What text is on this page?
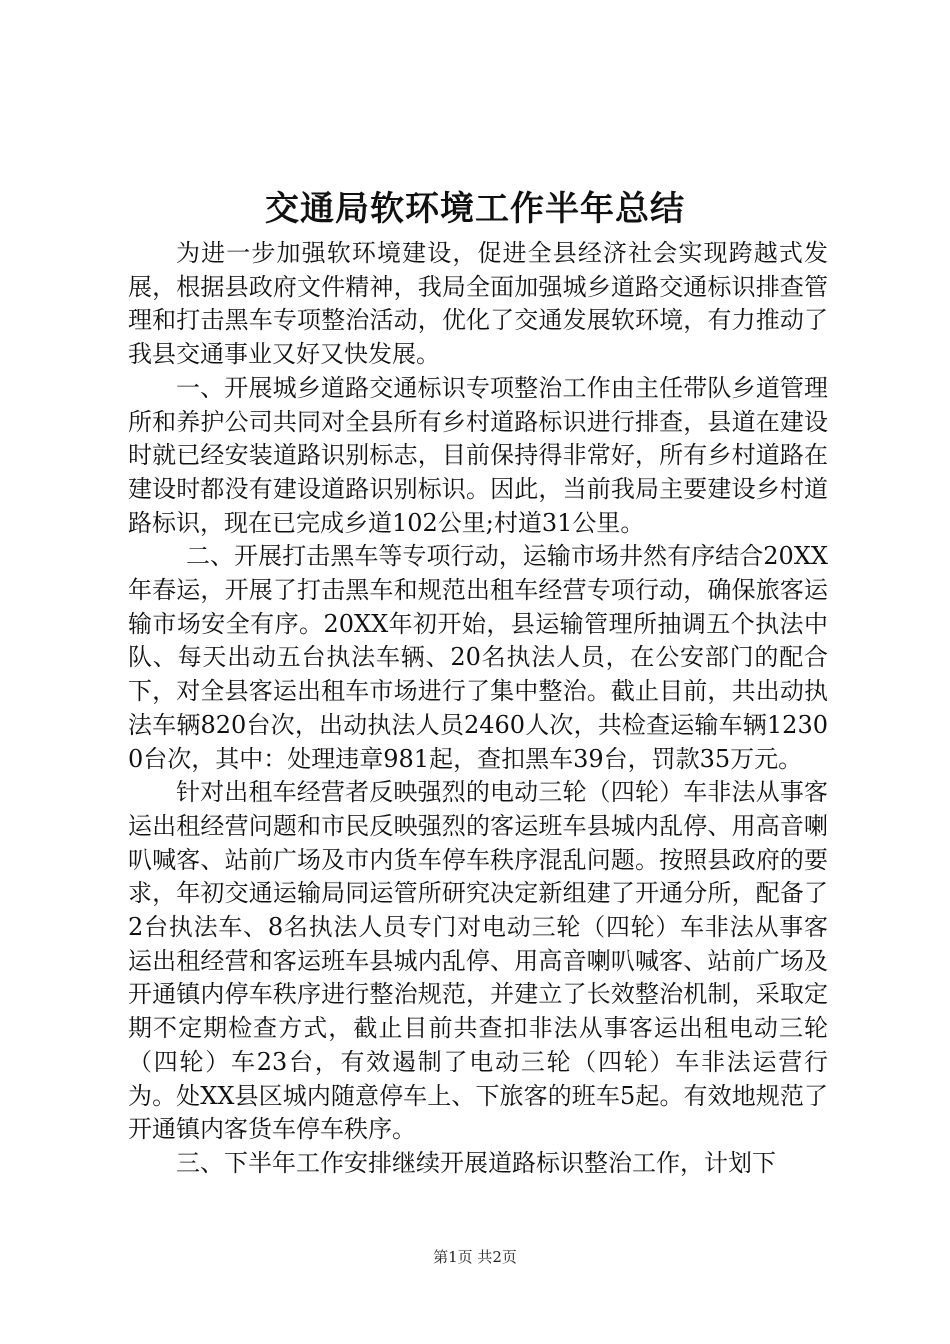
交通局软环境工作半年总结

为进一步加强软环境建设，促进全县经济社会实现跨越式发展，根据县政府文件精神，我局全面加强城乡道路交通标识排查管理和打击黑车专项整治活动，优化了交通发展软环境，有力推动了我县交通事业又好又快发展。

一、开展城乡道路交通标识专项整治工作由主任带队乡道管理所和养护公司共同对全县所有乡村道路标识进行排查，县道在建设时就已经安装道路识别标志，目前保持得非常好，所有乡村道路在建设时都没有建设道路识别标识。因此，当前我局主要建设乡村道路标识，现在已完成乡道102公里;村道31公里。

二、开展打击黑车等专项行动，运输市场井然有序结合20XX年春运，开展了打击黑车和规范出租车经营专项行动，确保旅客运输市场安全有序。20XX年初开始，县运输管理所抽调五个执法中队、每天出动五台执法车辆、20名执法人员，在公安部门的配合下，对全县客运出租车市场进行了集中整治。截止目前，共出动执法车辆820台次，出动执法人员2460人次，共检查运输车辆12300台次，其中：处理违章981起，查扣黑车39台，罚款35万元。

针对出租车经营者反映强烈的电动三轮（四轮）车非法从事客运出租经营问题和市民反映强烈的客运班车县城内乱停、用高音喇叭喊客、站前广场及市内货车停车秩序混乱问题。按照县政府的要求，年初交通运输局同运管所研究决定新组建了开通分所，配备了2台执法车、8名执法人员专门对电动三轮（四轮）车非法从事客运出租经营和客运班车县城内乱停、用高音喇叭喊客、站前广场及开通镇内停车秩序进行整治规范，并建立了长效整治机制，采取定期不定期检查方式，截止目前共查扣非法从事客运出租电动三轮（四轮）车23台，有效遏制了电动三轮（四轮）车非法运营行为。处XX县区城内随意停车上、下旅客的班车5起。有效地规范了开通镇内客货车停车秩序。

三、下半年工作安排继续开展道路标识整治工作，计划下

第1页 共2页
